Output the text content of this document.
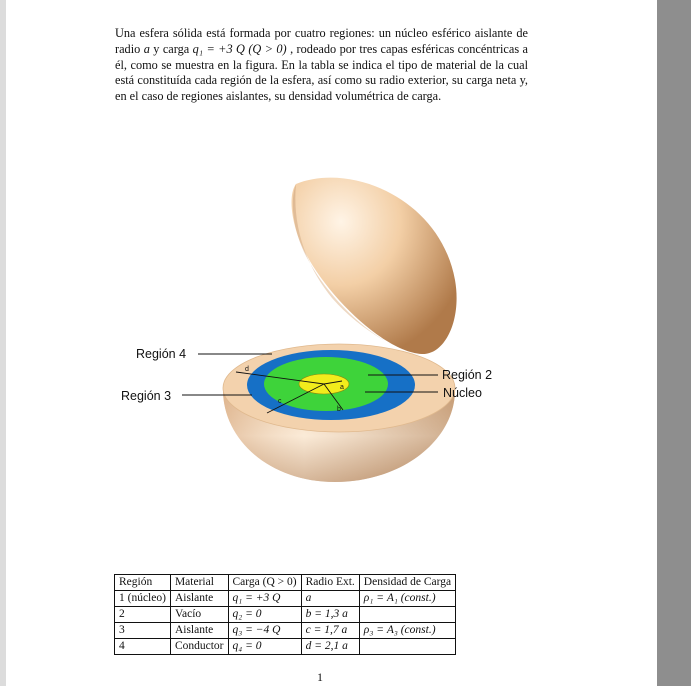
Una esfera sólida está formada por cuatro regiones: un núcleo esférico aislante de radio a y carga q₁ = +3 Q (Q > 0) , rodeado por tres capas esféricas concéntricas a él, como se muestra en la figura. En la tabla se indica el tipo de material de la cual está constituída cada región de la esfera, así como su radio exterior, su carga neta y, en el caso de regiones aislantes, su densidad volumétrica de carga.

d
c
b
a
Región 4
Región 3
Región 2
Núcleo
Región	Material	Carga (Q > 0)	Radio Ext.	Densidad de Carga
1 (núcleo)	Aislante	q₁ = +3 Q	a	ρ₁ = A₁ (const.)
2	Vacío	q₂ = 0	b = 1,3 a	
3	Aislante	q₃ = −4 Q	c = 1,7 a	ρ₃ = A₃ (const.)
4	Conductor	q₄ = 0	d = 2,1 a	
1
